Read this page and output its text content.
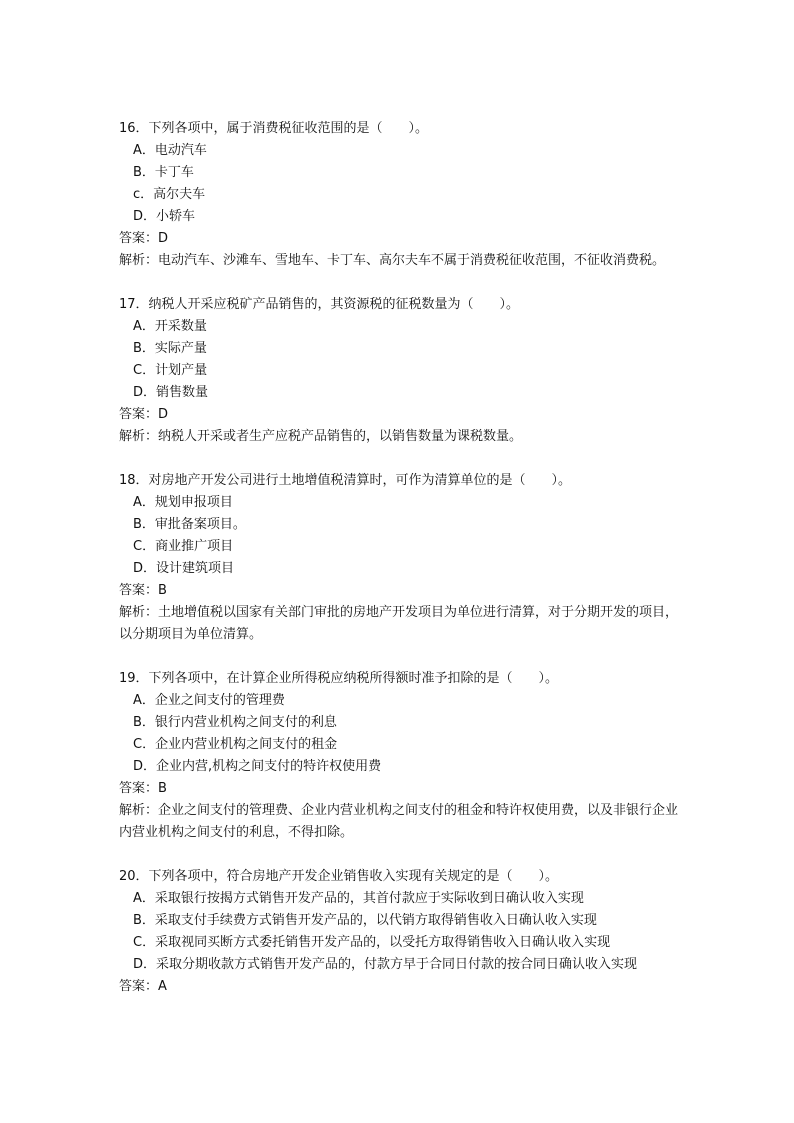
16．下列各项中，属于消费税征收范围的是（　　）。
A．电动汽车
B．卡丁车
c．高尔夫车
D．小轿车
答案：D
解析：电动汽车、沙滩车、雪地车、卡丁车、高尔夫车不属于消费税征收范围，不征收消费税。
17．纳税人开采应税矿产品销售的，其资源税的征税数量为（　　）。
A．开采数量
B．实际产量
C．计划产量
D．销售数量
答案：D
解析：纳税人开采或者生产应税产品销售的，以销售数量为课税数量。
18．对房地产开发公司进行土地增值税清算时，可作为清算单位的是（　　）。
A．规划申报项目
B．审批备案项目。
C．商业推广项目
D．设计建筑项目
答案：B
解析：土地增值税以国家有关部门审批的房地产开发项目为单位进行清算，对于分期开发的项目，以分期项目为单位清算。
19．下列各项中，在计算企业所得税应纳税所得额时准予扣除的是（　　）。
A．企业之间支付的管理费
B．银行内营业机构之间支付的利息
C．企业内营业机构之间支付的租金
D．企业内营,机构之间支付的特许权使用费
答案：B
解析：企业之间支付的管理费、企业内营业机构之间支付的租金和特许权使用费，以及非银行企业内营业机构之间支付的利息，不得扣除。
20．下列各项中，符合房地产开发企业销售收入实现有关规定的是（　　）。
A．采取银行按揭方式销售开发产品的，其首付款应于实际收到日确认收入实现
B．采取支付手续费方式销售开发产品的，以代销方取得销售收入日确认收入实现
C．采取视同买断方式委托销售开发产品的，以受托方取得销售收入日确认收入实现
D．采取分期收款方式销售开发产品的，付款方早于合同日付款的按合同日确认收入实现
答案：A
